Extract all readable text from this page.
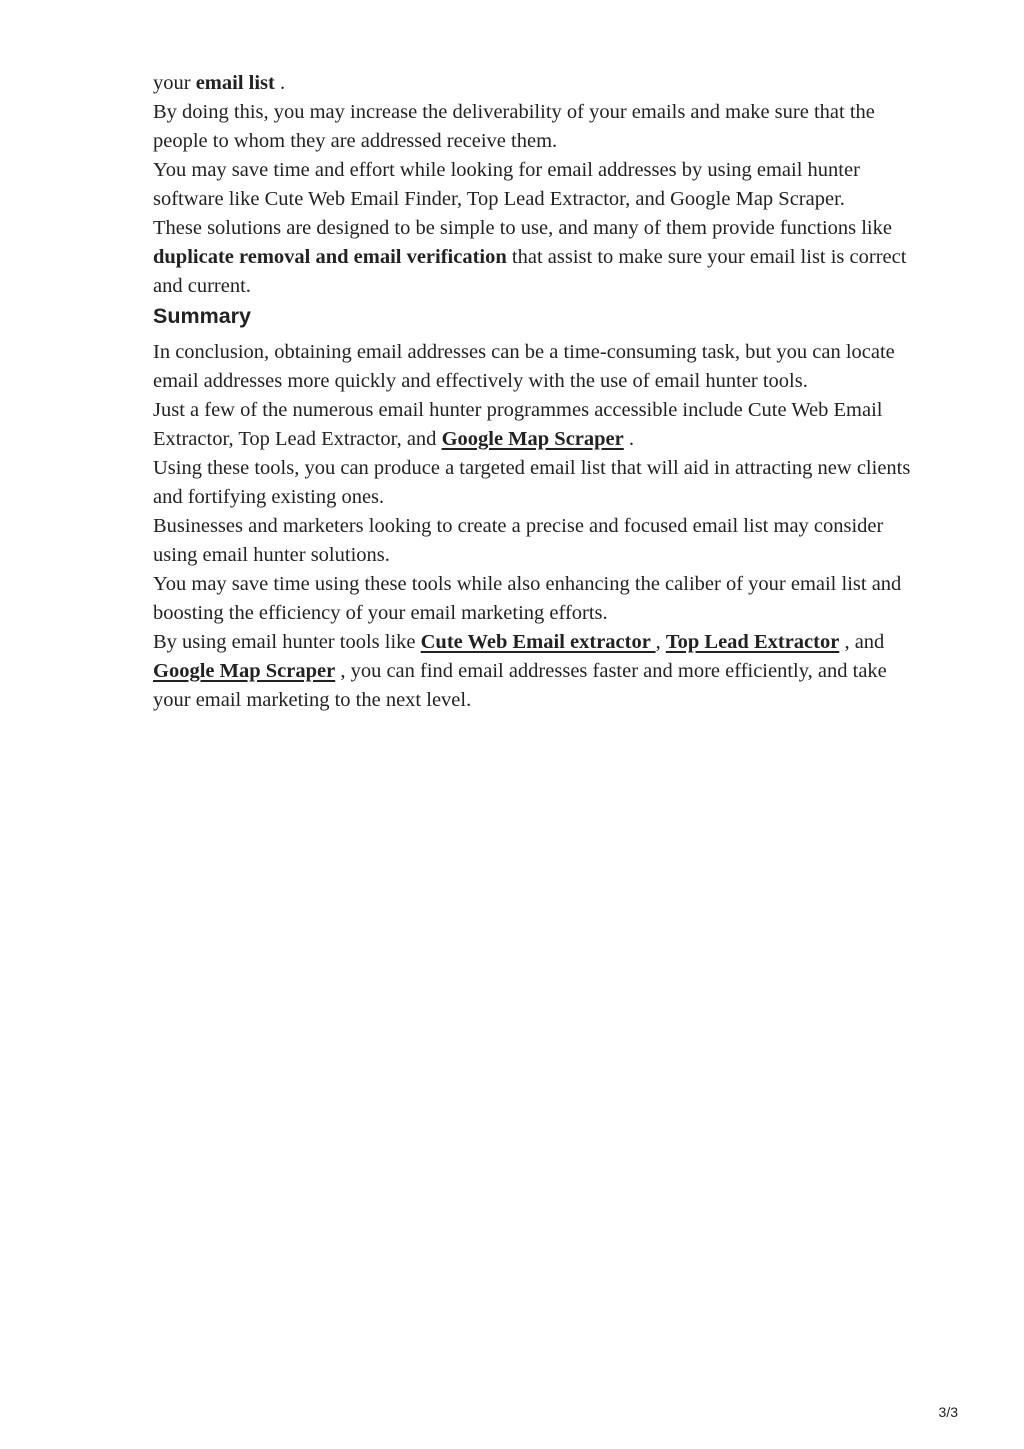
your email list .

By doing this, you may increase the deliverability of your emails and make sure that the people to whom they are addressed receive them.

You may save time and effort while looking for email addresses by using email hunter software like Cute Web Email Finder, Top Lead Extractor, and Google Map Scraper.

These solutions are designed to be simple to use, and many of them provide functions like duplicate removal and email verification that assist to make sure your email list is correct and current.

Summary

In conclusion, obtaining email addresses can be a time-consuming task, but you can locate email addresses more quickly and effectively with the use of email hunter tools.

Just a few of the numerous email hunter programmes accessible include Cute Web Email Extractor, Top Lead Extractor, and Google Map Scraper .

Using these tools, you can produce a targeted email list that will aid in attracting new clients and fortifying existing ones.

Businesses and marketers looking to create a precise and focused email list may consider using email hunter solutions.

You may save time using these tools while also enhancing the caliber of your email list and boosting the efficiency of your email marketing efforts.

By using email hunter tools like Cute Web Email extractor , Top Lead Extractor , and Google Map Scraper , you can find email addresses faster and more efficiently, and take your email marketing to the next level.

3/3
